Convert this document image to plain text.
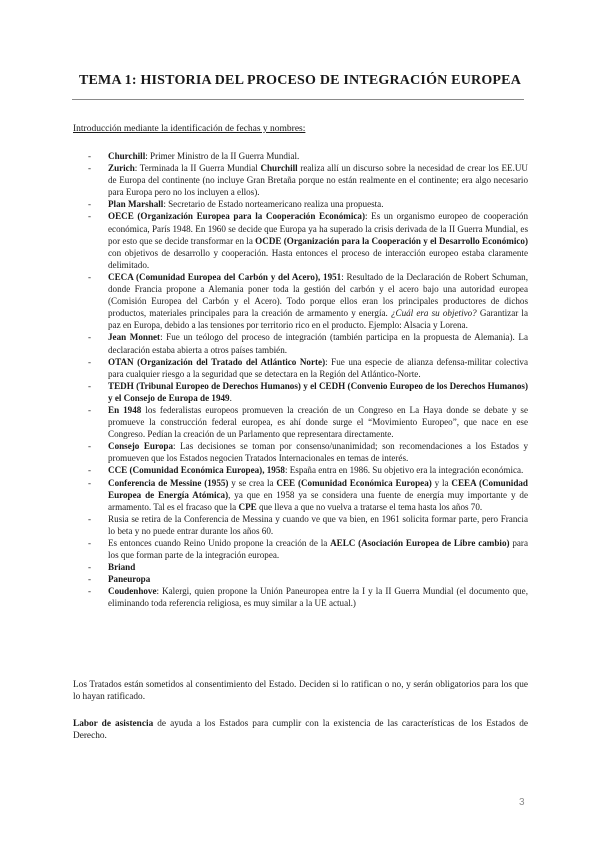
TEMA 1: HISTORIA DEL PROCESO DE INTEGRACIÓN EUROPEA
Introducción mediante la identificación de fechas y nombres:
- Churchill: Primer Ministro de la II Guerra Mundial.
- Zurich: Terminada la II Guerra Mundial Churchill realiza allí un discurso sobre la necesidad de crear los EE.UU de Europa del continente (no incluye Gran Bretaña porque no están realmente en el continente; era algo necesario para Europa pero no los incluyen a ellos).
- Plan Marshall: Secretario de Estado norteamericano realiza una propuesta.
- OECE (Organización Europea para la Cooperación Económica): Es un organismo europeo de cooperación económica, París 1948. En 1960 se decide que Europa ya ha superado la crisis derivada de la II Guerra Mundial, es por esto que se decide transformar en la OCDE (Organización para la Cooperación y el Desarrollo Económico) con objetivos de desarrollo y cooperación. Hasta entonces el proceso de interacción europeo estaba claramente delimitado.
- CECA (Comunidad Europea del Carbón y del Acero), 1951: Resultado de la Declaración de Robert Schuman, donde Francia propone a Alemania poner toda la gestión del carbón y el acero bajo una autoridad europea (Comisión Europea del Carbón y el Acero). Todo porque ellos eran los principales productores de dichos productos, materiales principales para la creación de armamento y energía. ¿Cuál era su objetivo? Garantizar la paz en Europa, debido a las tensiones por territorio rico en el producto. Ejemplo: Alsacia y Lorena.
- Jean Monnet: Fue un teólogo del proceso de integración (también participa en la propuesta de Alemania). La declaración estaba abierta a otros países también.
- OTAN (Organización del Tratado del Atlántico Norte): Fue una especie de alianza defensa-militar colectiva para cualquier riesgo a la seguridad que se detectara en la Región del Atlántico-Norte.
- TEDH (Tribunal Europeo de Derechos Humanos) y el CEDH (Convenio Europeo de los Derechos Humanos) y el Consejo de Europa de 1949.
- En 1948 los federalistas europeos promueven la creación de un Congreso en La Haya donde se debate y se promueve la construcción federal europea, es ahí donde surge el “Movimiento Europeo”, que nace en ese Congreso. Pedían la creación de un Parlamento que representara directamente.
- Consejo Europa: Las decisiones se toman por consenso/unanimidad; son recomendaciones a los Estados y promueven que los Estados negocien Tratados Internacionales en temas de interés.
- CCE (Comunidad Económica Europea), 1958: España entra en 1986. Su objetivo era la integración económica.
- Conferencia de Messine (1955) y se crea la CEE (Comunidad Económica Europea) y la CEEA (Comunidad Europea de Energía Atómica), ya que en 1958 ya se considera una fuente de energía muy importante y de armamento. Tal es el fracaso que la CPE que lleva a que no vuelva a tratarse el tema hasta los años 70.
- Rusia se retira de la Conferencia de Messina y cuando ve que va bien, en 1961 solicita formar parte, pero Francia lo beta y no puede entrar durante los años 60.
- Es entonces cuando Reino Unido propone la creación de la AELC (Asociación Europea de Libre cambio) para los que forman parte de la integración europea.
- Briand
- Paneuropa
- Coudenhove: Kalergi, quien propone la Unión Paneuropea entre la I y la II Guerra Mundial (el documento que, eliminando toda referencia religiosa, es muy similar a la UE actual.)

Los Tratados están sometidos al consentimiento del Estado. Deciden si lo ratifican o no, y serán obligatorios para los que lo hayan ratificado.

Labor de asistencia de ayuda a los Estados para cumplir con la existencia de las características de los Estados de Derecho.

3
